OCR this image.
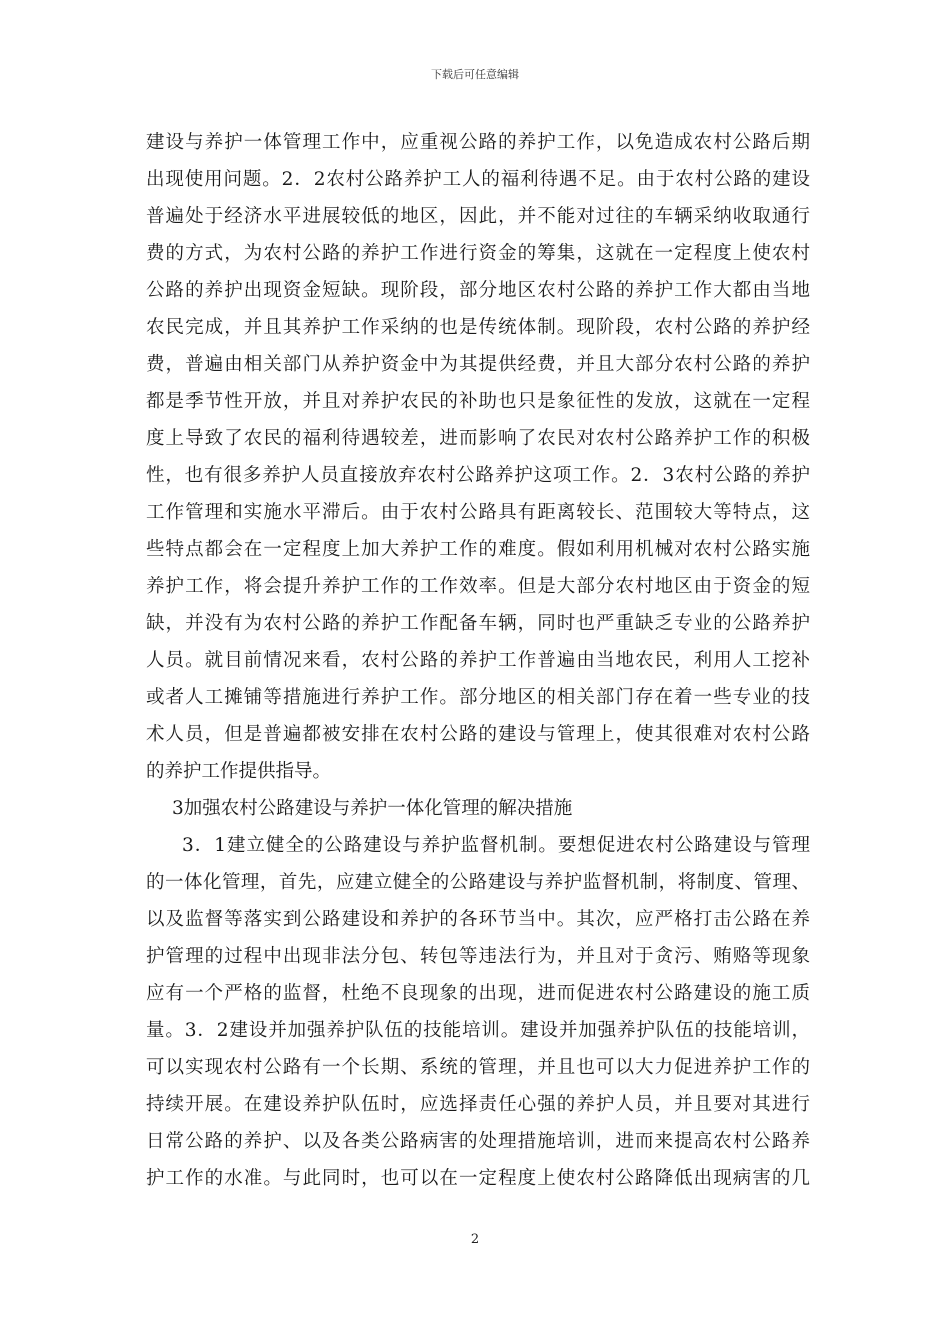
下载后可任意编辑
建设与养护一体管理工作中，应重视公路的养护工作，以免造成农村公路后期
出现使用问题。2．2农村公路养护工人的福利待遇不足。由于农村公路的建设
普遍处于经济水平进展较低的地区，因此，并不能对过往的车辆采纳收取通行
费的方式，为农村公路的养护工作进行资金的筹集，这就在一定程度上使农村
公路的养护出现资金短缺。现阶段，部分地区农村公路的养护工作大都由当地
农民完成，并且其养护工作采纳的也是传统体制。现阶段，农村公路的养护经
费，普遍由相关部门从养护资金中为其提供经费，并且大部分农村公路的养护
都是季节性开放，并且对养护农民的补助也只是象征性的发放，这就在一定程
度上导致了农民的福利待遇较差，进而影响了农民对农村公路养护工作的积极
性，也有很多养护人员直接放弃农村公路养护这项工作。2．3农村公路的养护
工作管理和实施水平滞后。由于农村公路具有距离较长、范围较大等特点，这
些特点都会在一定程度上加大养护工作的难度。假如利用机械对农村公路实施
养护工作，将会提升养护工作的工作效率。但是大部分农村地区由于资金的短
缺，并没有为农村公路的养护工作配备车辆，同时也严重缺乏专业的公路养护
人员。就目前情况来看，农村公路的养护工作普遍由当地农民，利用人工挖补
或者人工摊铺等措施进行养护工作。部分地区的相关部门存在着一些专业的技
术人员，但是普遍都被安排在农村公路的建设与管理上，使其很难对农村公路
的养护工作提供指导。
3加强农村公路建设与养护一体化管理的解决措施
3．1建立健全的公路建设与养护监督机制。要想促进农村公路建设与管理
的一体化管理，首先，应建立健全的公路建设与养护监督机制，将制度、管理、
以及监督等落实到公路建设和养护的各环节当中。其次，应严格打击公路在养
护管理的过程中出现非法分包、转包等违法行为，并且对于贪污、贿赂等现象
应有一个严格的监督，杜绝不良现象的出现，进而促进农村公路建设的施工质
量。3．2建设并加强养护队伍的技能培训。建设并加强养护队伍的技能培训，
可以实现农村公路有一个长期、系统的管理，并且也可以大力促进养护工作的
持续开展。在建设养护队伍时，应选择责任心强的养护人员，并且要对其进行
日常公路的养护、以及各类公路病害的处理措施培训，进而来提高农村公路养
护工作的水准。与此同时，也可以在一定程度上使农村公路降低出现病害的几
2
